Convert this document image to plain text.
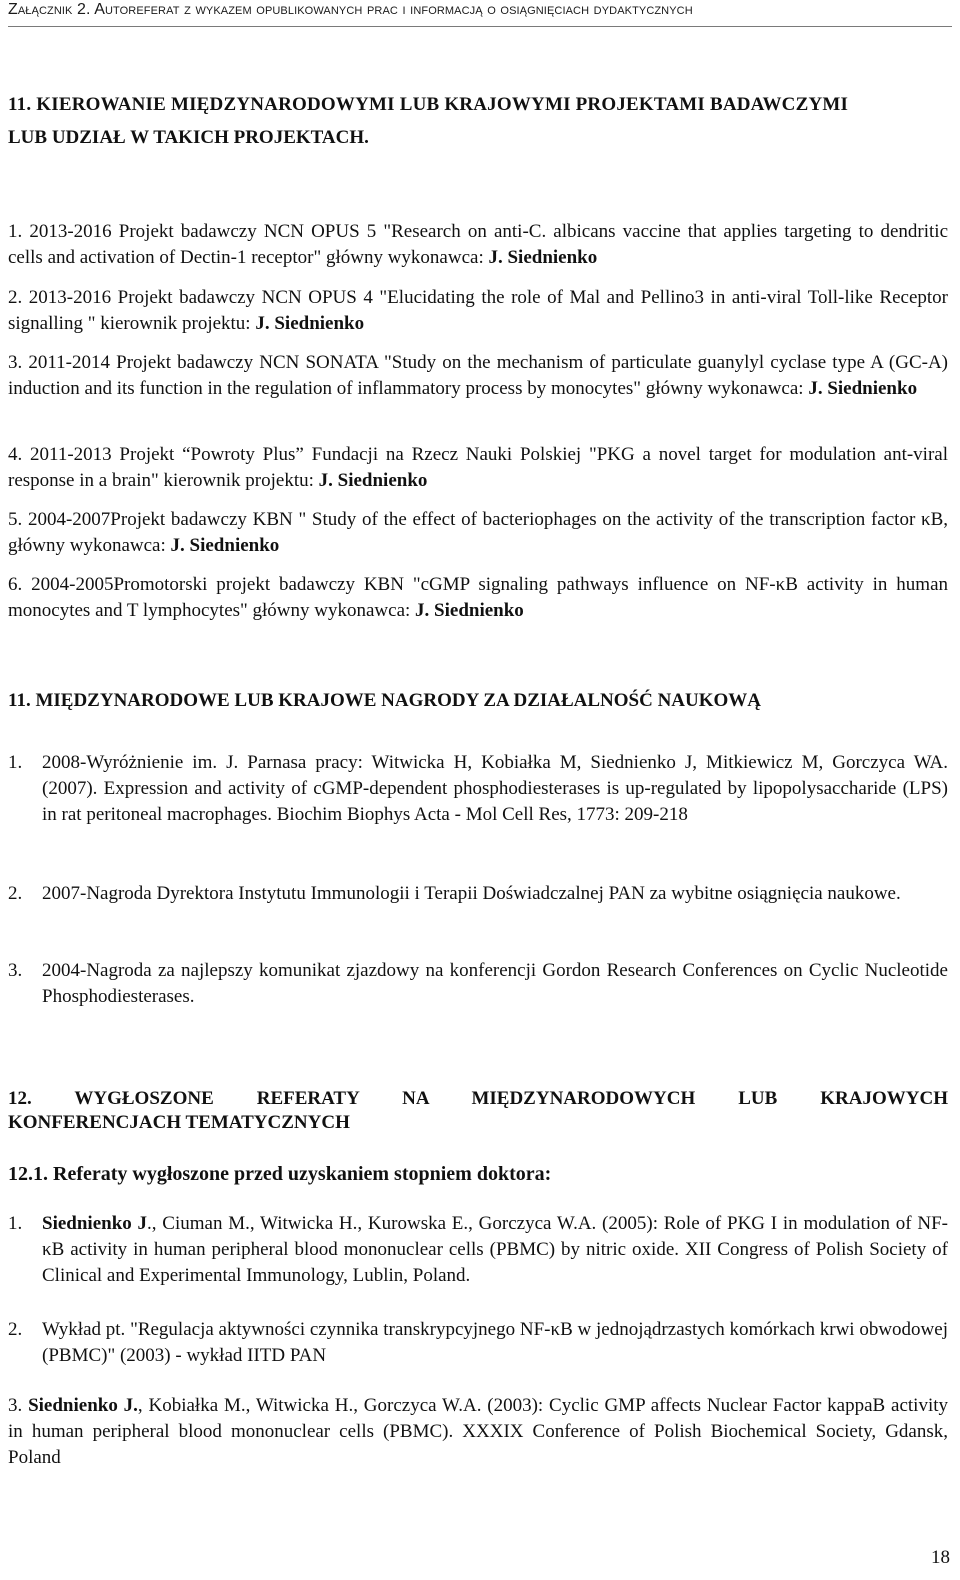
Załącznik 2. Autoreferat z wykazem opublikowanych prac i informacją o osiągnięciach dydaktycznych
11. KIEROWANIE MIĘDZYNARODOWYMI LUB KRAJOWYMI PROJEKTAMI BADAWCZYMI
LUB UDZIAŁ W TAKICH PROJEKTACH.
1. 2013-2016 Projekt badawczy NCN OPUS 5 "Research on anti-C. albicans vaccine that applies targeting to dendritic cells and activation of Dectin-1 receptor" główny wykonawca: J. Siednienko
2. 2013-2016 Projekt badawczy NCN OPUS 4 "Elucidating the role of Mal and Pellino3 in anti-viral Toll-like Receptor signalling " kierownik projektu: J. Siednienko
3. 2011-2014 Projekt badawczy NCN SONATA "Study on the mechanism of particulate guanylyl cyclase type A (GC-A) induction and its function in the regulation of inflammatory process by monocytes" główny wykonawca: J. Siednienko
4. 2011-2013 Projekt “Powroty Plus” Fundacji na Rzecz Nauki Polskiej "PKG a novel target for modulation ant-viral response in a brain" kierownik projektu: J. Siednienko
5. 2004-2007Projekt badawczy KBN " Study of the effect of bacteriophages on the activity of the transcription factor κB, główny wykonawca: J. Siednienko
6. 2004-2005Promotorski projekt badawczy KBN "cGMP signaling pathways influence on NF-κB activity in human monocytes and T lymphocytes" główny wykonawca: J. Siednienko
11. MIĘDZYNARODOWE LUB KRAJOWE NAGRODY ZA DZIAŁALNOŚĆ NAUKOWĄ
1. 2008-Wyróżnienie im. J. Parnasa pracy: Witwicka H, Kobiałka M, Siednienko J, Mitkiewicz M, Gorczyca WA. (2007). Expression and activity of cGMP-dependent phosphodiesterases is up-regulated by lipopolysaccharide (LPS) in rat peritoneal macrophages. Biochim Biophys Acta - Mol Cell Res, 1773: 209-218
2. 2007-Nagroda Dyrektora Instytutu Immunologii i Terapii Doświadczalnej PAN za wybitne osiągnięcia naukowe.
3. 2004-Nagroda za najlepszy komunikat zjazdowy na konferencji Gordon Research Conferences on Cyclic Nucleotide Phosphodiesterases.
12. WYGŁOSZONE REFERATY NA MIĘDZYNARODOWYCH LUB KRAJOWYCH
KONFERENCJACH TEMATYCZNYCH
12.1. Referaty wygłoszone przed uzyskaniem stopniem doktora:
1. Siednienko J., Ciuman M., Witwicka H., Kurowska E., Gorczyca W.A. (2005): Role of PKG I in modulation of NF-κB activity in human peripheral blood mononuclear cells (PBMC) by nitric oxide. XII Congress of Polish Society of Clinical and Experimental Immunology, Lublin, Poland.
2. Wykład pt. "Regulacja aktywności czynnika transkrypcyjnego NF-κB w jednojądrzastych komórkach krwi obwodowej (PBMC)" (2003) - wykład IITD PAN
3. Siednienko J., Kobiałka M., Witwicka H., Gorczyca W.A. (2003): Cyclic GMP affects Nuclear Factor kappaB activity in human peripheral blood mononuclear cells (PBMC). XXXIX Conference of Polish Biochemical Society, Gdansk, Poland
18
